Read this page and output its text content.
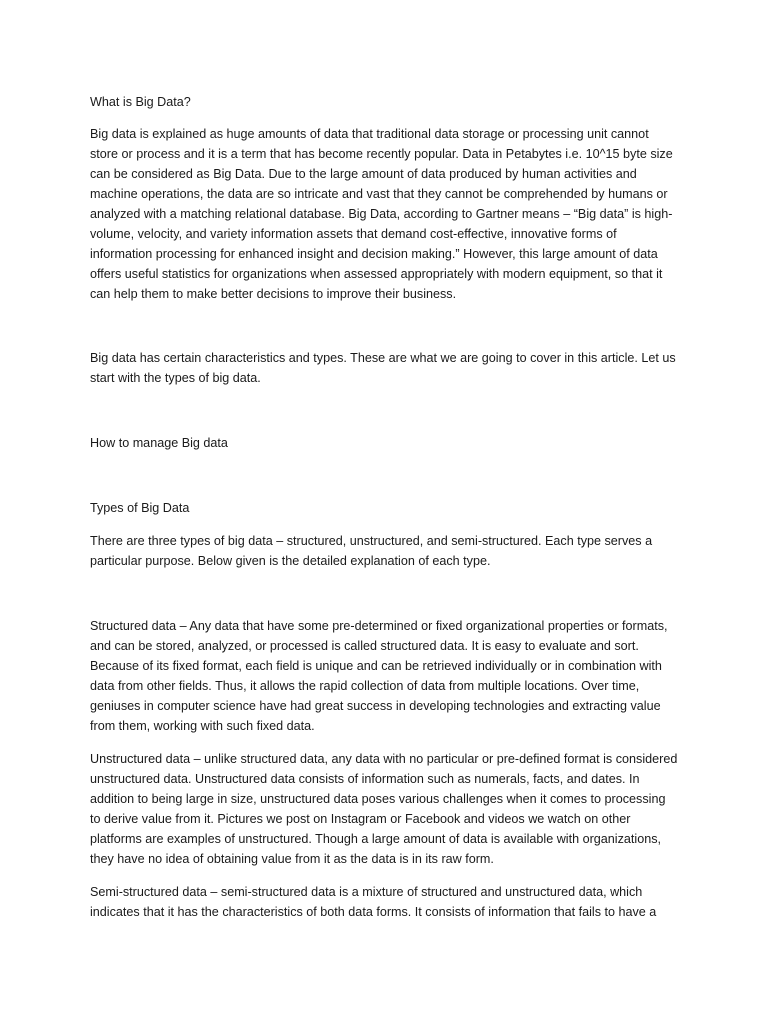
What is Big Data?

Big data is explained as huge amounts of data that traditional data storage or processing unit cannot store or process and it is a term that has become recently popular. Data in Petabytes i.e. 10^15 byte size can be considered as Big Data. Due to the large amount of data produced by human activities and machine operations, the data are so intricate and vast that they cannot be comprehended by humans or analyzed with a matching relational database. Big Data, according to Gartner means – “Big data” is high-volume, velocity, and variety information assets that demand cost-effective, innovative forms of information processing for enhanced insight and decision making.” However, this large amount of data offers useful statistics for organizations when assessed appropriately with modern equipment, so that it can help them to make better decisions to improve their business.

Big data has certain characteristics and types. These are what we are going to cover in this article. Let us start with the types of big data.

How to manage Big data

Types of Big Data

There are three types of big data – structured, unstructured, and semi-structured. Each type serves a particular purpose. Below given is the detailed explanation of each type.

Structured data – Any data that have some pre-determined or fixed organizational properties or formats, and can be stored, analyzed, or processed is called structured data. It is easy to evaluate and sort. Because of its fixed format, each field is unique and can be retrieved individually or in combination with data from other fields. Thus, it allows the rapid collection of data from multiple locations. Over time, geniuses in computer science have had great success in developing technologies and extracting value from them, working with such fixed data.

Unstructured data – unlike structured data, any data with no particular or pre-defined format is considered unstructured data. Unstructured data consists of information such as numerals, facts, and dates. In addition to being large in size, unstructured data poses various challenges when it comes to processing to derive value from it. Pictures we post on Instagram or Facebook and videos we watch on other platforms are examples of unstructured. Though a large amount of data is available with organizations, they have no idea of obtaining value from it as the data is in its raw form.

Semi-structured data – semi-structured data is a mixture of structured and unstructured data, which indicates that it has the characteristics of both data forms. It consists of information that fails to have a
